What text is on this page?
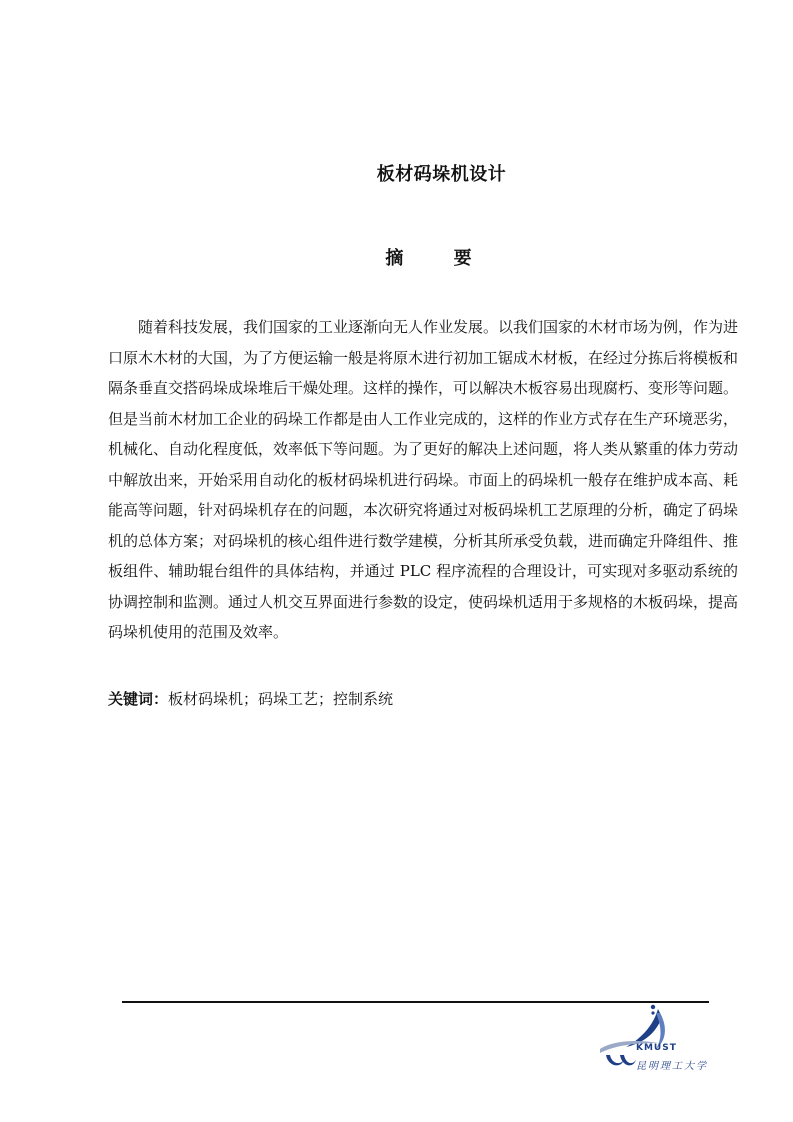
板材码垛机设计
摘 要

随着科技发展，我们国家的工业逐渐向无人作业发展。以我们国家的木材市场为例，作为进口原木木材的大国，为了方便运输一般是将原木进行初加工锯成木材板，在经过分拣后将模板和隔条垂直交搭码垛成垛堆后干燥处理。这样的操作，可以解决木板容易出现腐朽、变形等问题。但是当前木材加工企业的码垛工作都是由人工作业完成的，这样的作业方式存在生产环境恶劣，机械化、自动化程度低，效率低下等问题。为了更好的解决上述问题，将人类从繁重的体力劳动中解放出来，开始采用自动化的板材码垛机进行码垛。市面上的码垛机一般存在维护成本高、耗能高等问题，针对码垛机存在的问题，本次研究将通过对板码垛机工艺原理的分析，确定了码垛机的总体方案；对码垛机的核心组件进行数学建模，分析其所承受负载，进而确定升降组件、推板组件、辅助辊台组件的具体结构，并通过 PLC 程序流程的合理设计，可实现对多驱动系统的协调控制和监测。通过人机交互界面进行参数的设定，使码垛机适用于多规格的木板码垛，提高码垛机使用的范围及效率。

关键词：板材码垛机；码垛工艺；控制系统
KMUST
昆明理工大学
